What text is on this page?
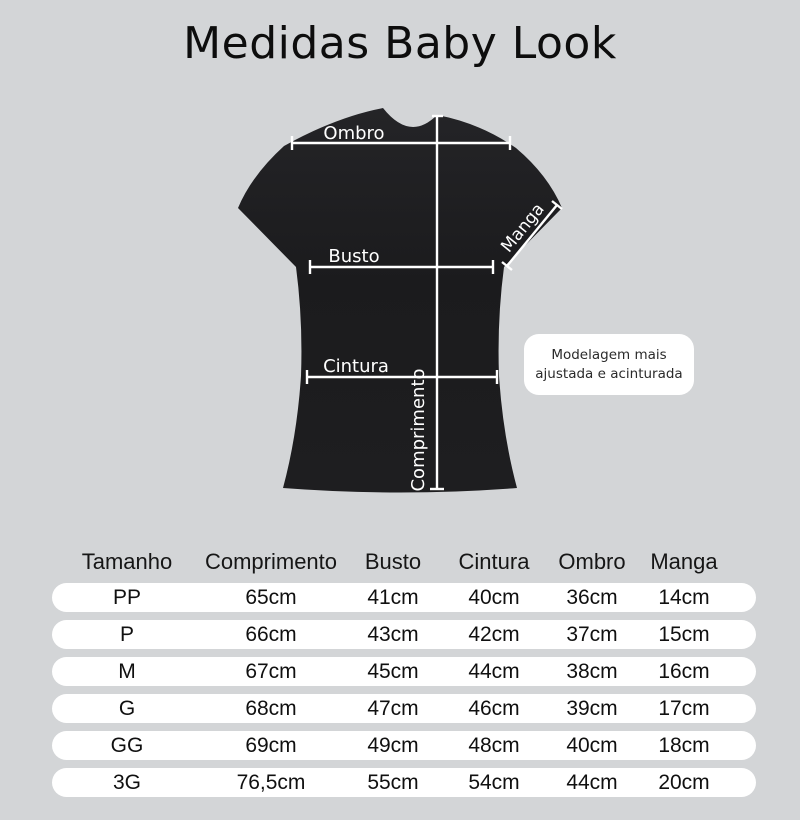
Medidas Baby Look
Ombro
Busto
Cintura
Comprimento
Manga
Modelagem mais
ajustada e acinturada
Tamanho	Comprimento	Busto	Cintura	Ombro	Manga
PP	65cm	41cm	40cm	36cm	14cm
P	66cm	43cm	42cm	37cm	15cm
M	67cm	45cm	44cm	38cm	16cm
G	68cm	47cm	46cm	39cm	17cm
GG	69cm	49cm	48cm	40cm	18cm
3G	76,5cm	55cm	54cm	44cm	20cm
